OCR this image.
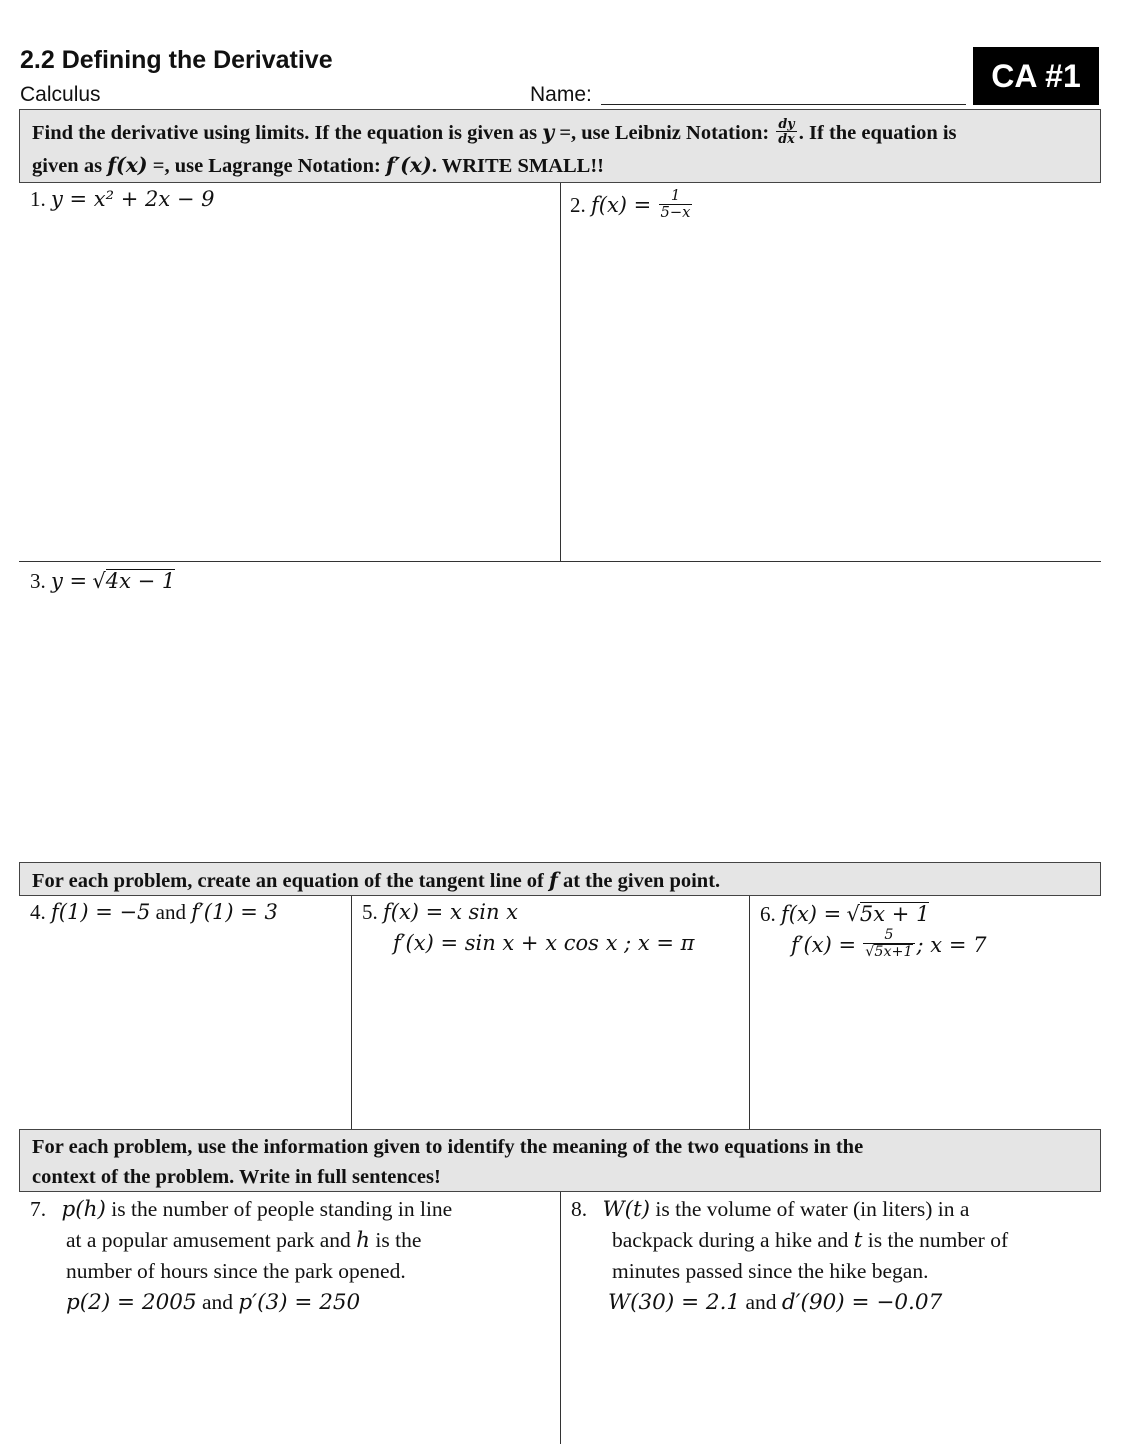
2.2 Defining the Derivative
Calculus	Name:
CA #1
Find the derivative using limits. If the equation is given as y =, use Leibniz Notation: $\frac{dy}{dx}$ . If the equation is
given as f(x) =, use Lagrange Notation: f′(x). WRITE SMALL!!
1. y = x² + 2x − 9	2. $f(x) = \frac{1}{5-x}$
3. y = √4x − 1
For each problem, create an equation of the tangent line of f at the given point.
4. f(1) = −5 and f′(1) = 3	5. f(x) = x sin x
f′(x) = sin x + x cos x ; x = π
6. f(x) = √5x + 1
$f'(x) = \frac{5}{√5x+1}$ ; x = 7
For each problem, use the information given to identify the meaning of the two equations in the
context of the problem. Write in full sentences!
7. p(h) is the number of people standing in line
at a popular amusement park and h is the
number of hours since the park opened.
p(2) = 2005 and p′(3) = 250
8. W(t) is the volume of water (in liters) in a
backpack during a hike and t is the number of
minutes passed since the hike began.
W(30) = 2.1 and d′(90) = −0.07
